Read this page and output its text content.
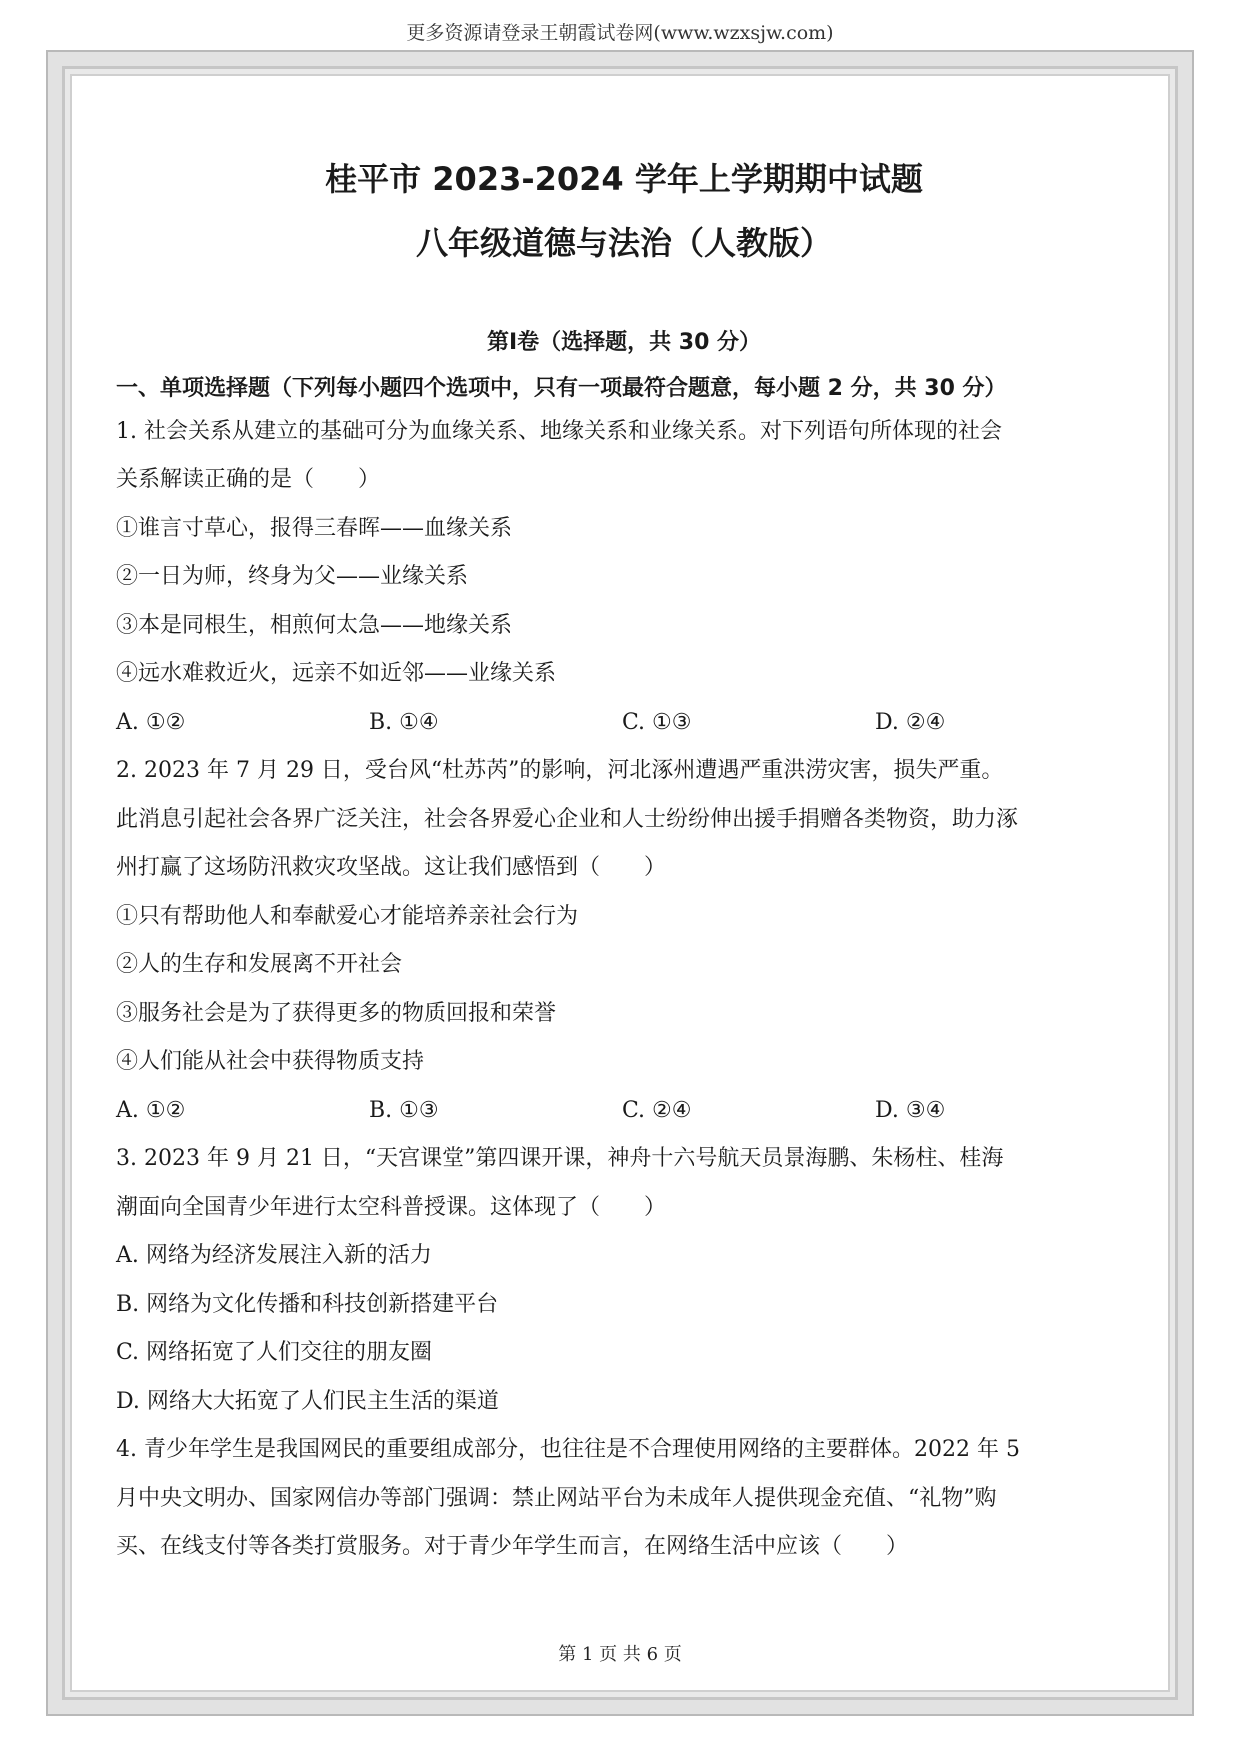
更多资源请登录王朝霞试卷网(www.wzxsjw.com)
桂平市 2023-2024 学年上学期期中试题
八年级道德与法治（人教版）
第Ⅰ卷（选择题，共 30 分）
一、单项选择题（下列每小题四个选项中，只有一项最符合题意，每小题 2 分，共 30 分）
1. 社会关系从建立的基础可分为血缘关系、地缘关系和业缘关系。对下列语句所体现的社会
关系解读正确的是（　　）
①谁言寸草心，报得三春晖——血缘关系
②一日为师，终身为父——业缘关系
③本是同根生，相煎何太急——地缘关系
④远水难救近火，远亲不如近邻——业缘关系
A. ①②	B. ①④	C. ①③	D. ②④
2. 2023 年 7 月 29 日，受台风“杜苏芮”的影响，河北涿州遭遇严重洪涝灾害，损失严重。
此消息引起社会各界广泛关注，社会各界爱心企业和人士纷纷伸出援手捐赠各类物资，助力涿
州打赢了这场防汛救灾攻坚战。这让我们感悟到（　　）
①只有帮助他人和奉献爱心才能培养亲社会行为
②人的生存和发展离不开社会
③服务社会是为了获得更多的物质回报和荣誉
④人们能从社会中获得物质支持
A. ①②	B. ①③	C. ②④	D. ③④
3. 2023 年 9 月 21 日，“天宫课堂”第四课开课，神舟十六号航天员景海鹏、朱杨柱、桂海
潮面向全国青少年进行太空科普授课。这体现了（　　）
A. 网络为经济发展注入新的活力
B. 网络为文化传播和科技创新搭建平台
C. 网络拓宽了人们交往的朋友圈
D. 网络大大拓宽了人们民主生活的渠道
4. 青少年学生是我国网民的重要组成部分，也往往是不合理使用网络的主要群体。2022 年 5
月中央文明办、国家网信办等部门强调：禁止网站平台为未成年人提供现金充值、“礼物”购
买、在线支付等各类打赏服务。对于青少年学生而言，在网络生活中应该（　　）
第 1 页 共 6 页
